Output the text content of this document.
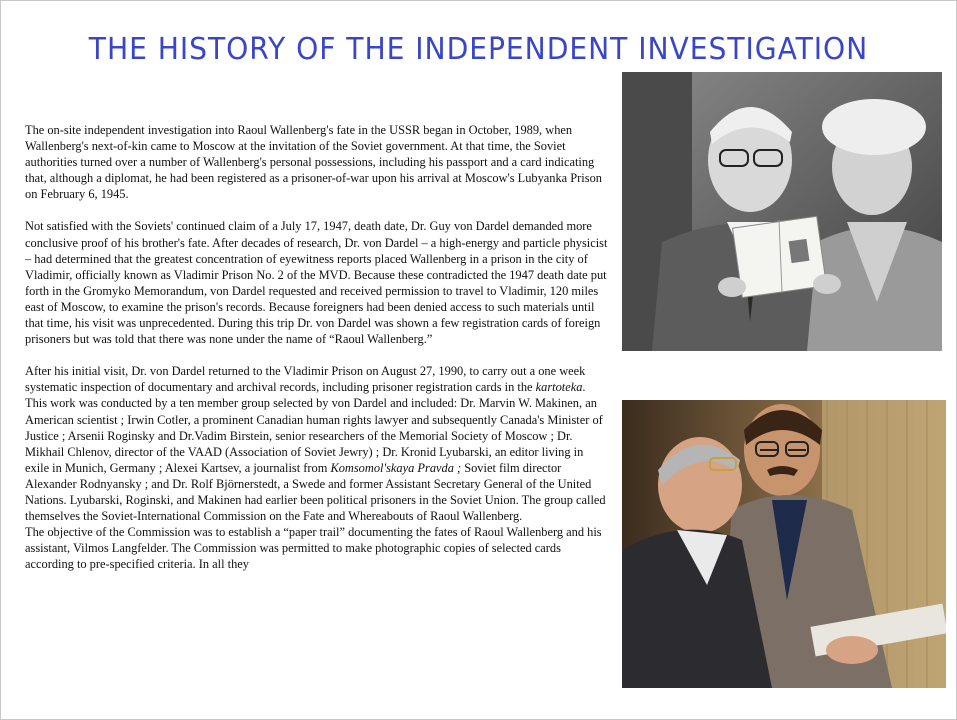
THE HISTORY OF THE INDEPENDENT INVESTIGATION

The on-site independent investigation into Raoul Wallenberg's fate in the USSR began in October, 1989, when Wallenberg's next-of-kin came to Moscow at the invitation of the Soviet government. At that time, the Soviet authorities turned over a number of Wallenberg's personal possessions, including his passport and a card indicating that, although a diplomat, he had been registered as a prisoner-of-war upon his arrival at Moscow's Lubyanka Prison on February 6, 1945.

Not satisfied with the Soviets' continued claim of a July 17, 1947, death date, Dr. Guy von Dardel demanded more conclusive proof of his brother's fate. After decades of research, Dr. von Dardel – a high-energy and particle physicist – had determined that the greatest concentration of eyewitness reports placed Wallenberg in a prison in the city of Vladimir, officially known as Vladimir Prison No. 2 of the MVD. Because these contradicted the 1947 death date put forth in the Gromyko Memorandum, von Dardel requested and received permission to travel to Vladimir, 120 miles east of Moscow, to examine the prison's records. Because foreigners had been denied access to such materials until that time, his visit was unprecedented. During this trip Dr. von Dardel was shown a few registration cards of foreign prisoners but was told that there was none under the name of “Raoul Wallenberg.”

After his initial visit, Dr. von Dardel returned to the Vladimir Prison on August 27, 1990, to carry out a one week systematic inspection of documentary and archival records, including prisoner registration cards in the kartoteka. This work was conducted by a ten member group selected by von Dardel and included: Dr. Marvin W. Makinen, an American scientist ; Irwin Cotler, a prominent Canadian human rights lawyer and subsequently Canada's Minister of Justice ; Arsenii Roginsky and Dr.Vadim Birstein, senior researchers of the Memorial Society of Moscow ; Dr. Mikhail Chlenov, director of the VAAD (Association of Soviet Jewry) ; Dr. Kronid Lyubarski, an editor living in exile in Munich, Germany ; Alexei Kartsev, a journalist from Komsomol'skaya Pravda ; Soviet film director Alexander Rodnyansky ; and Dr. Rolf Björnerstedt, a Swede and former Assistant Secretary General of the United Nations. Lyubarski, Roginski, and Makinen had earlier been political prisoners in the Soviet Union. The group called themselves the Soviet-International Commission on the Fate and Whereabouts of Raoul Wallenberg.

The objective of the Commission was to establish a “paper trail” documenting the fates of Raoul Wallenberg and his assistant, Vilmos Langfelder. The Commission was permitted to make photographic copies of selected cards according to pre-specified criteria. In all they
